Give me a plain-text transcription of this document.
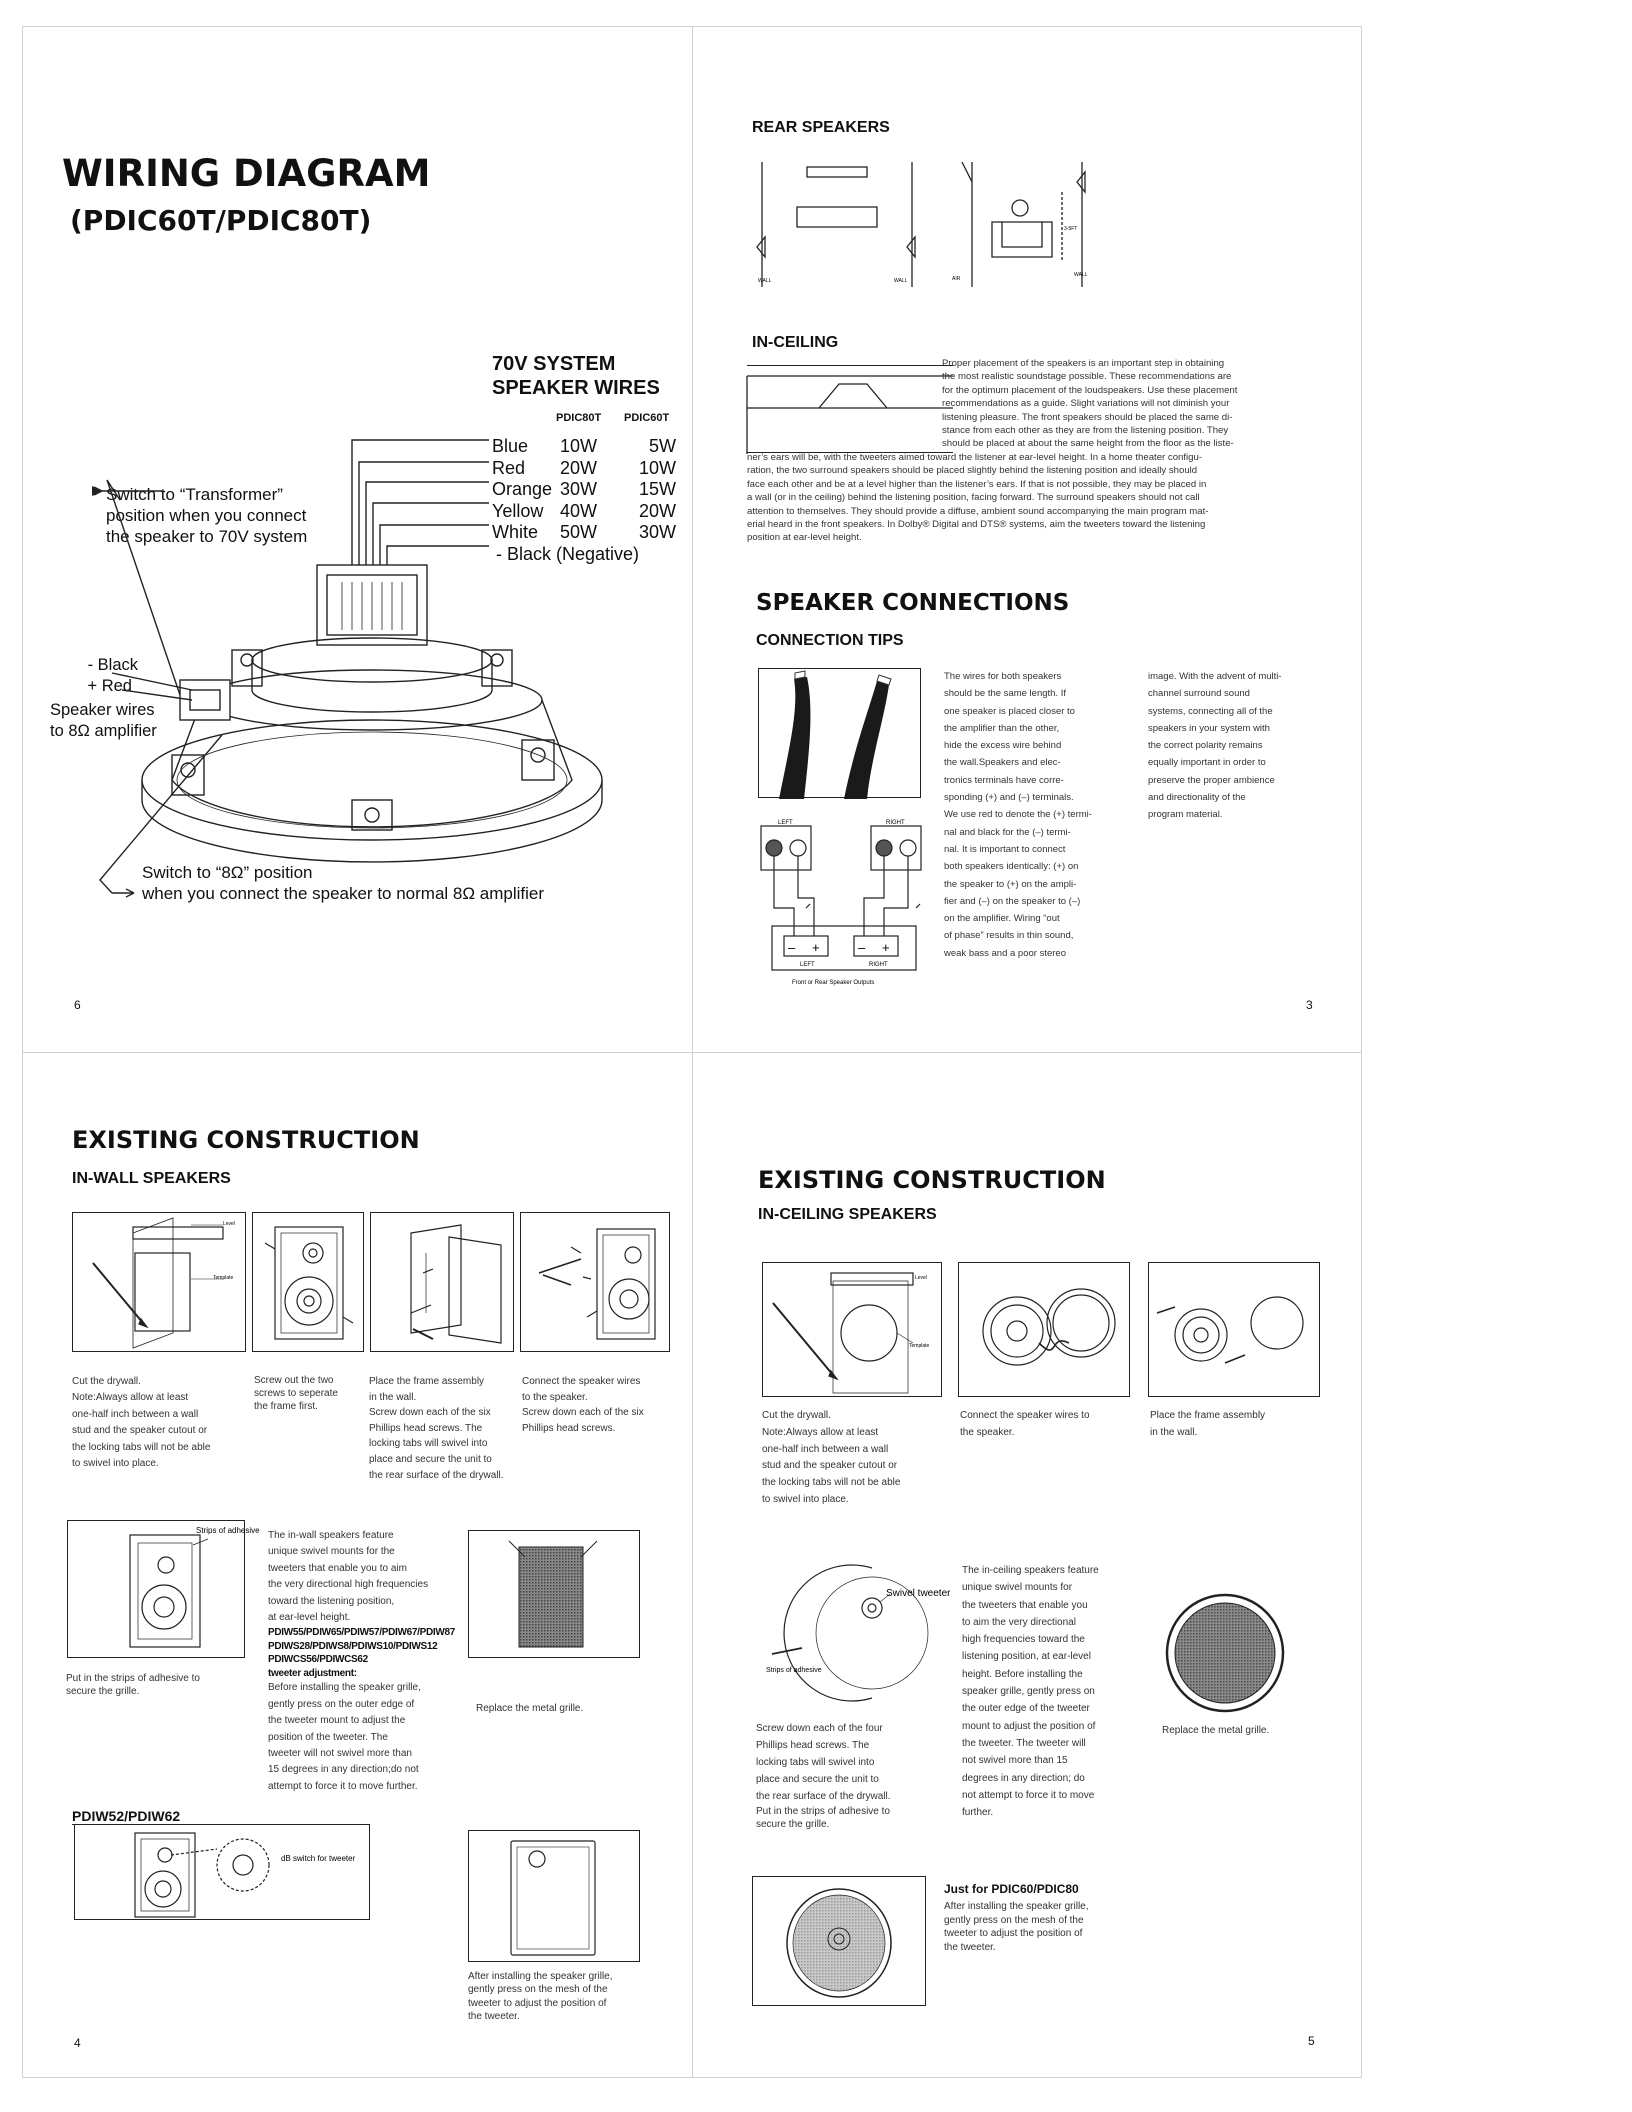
WIRING DIAGRAM
(PDIC60T/PDIC80T)
70V SYSTEM
SPEAKER WIRES
PDIC80T PDIC60T
Blue	10W	5W
Red	20W	10W
Orange 30W	15W
Yellow 40W	20W
White	50W	30W
- Black (Negative)
Switch to “Transformer”
position when you connect
the speaker to 70V system
- Black
+ Red
Speaker wires
to 8Ω amplifier
Switch to “8Ω” position
when you connect the speaker to normal 8Ω amplifier
6
REAR SPEAKERS
WALL	WALL	AIR
3-5FT
WALL
IN-CEILING
Proper placement of the speakers is an important step in obtaining
the most realistic soundstage possible. These recommendations are
for the optimum placement of the loudspeakers. Use these placement
recommendations as a guide. Slight variations will not diminish your
listening pleasure. The front speakers should be placed the same di-
stance from each other as they are from the listening position. They
should be placed at about the same height from the floor as the liste-
ner’s ears will be, with the tweeters aimed toward the listener at ear-level height. In a home theater configu-
ration, the two surround speakers should be placed slightly behind the listening position and ideally should
face each other and be at a level higher than the listener’s ears. If that is not possible, they may be placed in
a wall (or in the ceiling) behind the listening position, facing forward. The surround speakers should not call
attention to themselves. They should provide a diffuse, ambient sound accompanying the main program mat-
erial heard in the front speakers. In Dolby® Digital and DTS® systems, aim the tweeters toward the listening
position at ear-level height.
SPEAKER CONNECTIONS
CONNECTION TIPS
LEFT	RIGHT
LEFT	RIGHT
– +	– +
Front or Rear Speaker Outputs
The wires for both speakers
should be the same length. If
one speaker is placed closer to
the amplifier than the other,
hide the excess wire behind
the wall.Speakers and elec-
tronics terminals have corre-
sponding (+) and (–) terminals.
We use red to denote the (+) termi-
nal and black for the (–) termi-
nal. It is important to connect
both speakers identically: (+) on
the speaker to (+) on the ampli-
fier and (–) on the speaker to (–)
on the amplifier. Wiring “out
of phase” results in thin sound,
weak bass and a poor stereo
image. With the advent of multi-
channel surround sound
systems, connecting all of the
speakers in your system with
the correct polarity remains
equally important in order to
preserve the proper ambience
and directionality of the
program material.
3
EXISTING CONSTRUCTION
IN-WALL SPEAKERS
Level
Template
Cut the drywall.
Note:Always allow at least
one-half inch between a wall
stud and the speaker cutout or
the locking tabs will not be able
to swivel into place.
Screw out the two
screws to seperate
the frame first.
Place the frame assembly
in the wall.
Screw down each of the six
Phillips head screws. The
locking tabs will swivel into
place and secure the unit to
the rear surface of the drywall.
Connect the speaker wires
to the speaker.
Screw down each of the six
Phillips head screws.
Strips of adhesive
Put in the strips of adhesive to
secure the grille.
The in-wall speakers feature
unique swivel mounts for the
tweeters that enable you to aim
the very directional high frequencies
toward the listening position,
at ear-level height.
PDIW55/PDIW65/PDIW57/PDIW67/PDIW87
PDIWS28/PDIWS8/PDIWS10/PDIWS12
PDIWCS56/PDIWCS62
tweeter adjustment:
Before installing the speaker grille,
gently press on the outer edge of
the tweeter mount to adjust the
position of the tweeter. The
tweeter will not swivel more than
15 degrees in any direction;do not
attempt to force it to move further.
Replace the metal grille.
PDIW52/PDIW62
dB switch for tweeter
After installing the speaker grille,
gently press on the mesh of the
tweeter to adjust the position of
the tweeter.
4
EXISTING CONSTRUCTION
IN-CEILING SPEAKERS
Level
Template
Cut the drywall.
Note:Always allow at least
one-half inch between a wall
stud and the speaker cutout or
the locking tabs will not be able
to swivel into place.
Connect the speaker wires to
the speaker.
Place the frame assembly
in the wall.
Swivel tweeter
Strips of adhesive
Screw down each of the four
Phillips head screws. The
locking tabs will swivel into
place and secure the unit to
the rear surface of the drywall.
Put in the strips of adhesive to
secure the grille.
The in-ceiling speakers feature
unique swivel mounts for
the tweeters that enable you
to aim the very directional
high frequencies toward the
listening position, at ear-level
height. Before installing the
speaker grille, gently press on
the outer edge of the tweeter
mount to adjust the position of
the tweeter. The tweeter will
not swivel more than 15
degrees in any direction; do
not attempt to force it to move
further.
Replace the metal grille.
Just for PDIC60/PDIC80
After installing the speaker grille,
gently press on the mesh of the
tweeter to adjust the position of
the tweeter.
5
